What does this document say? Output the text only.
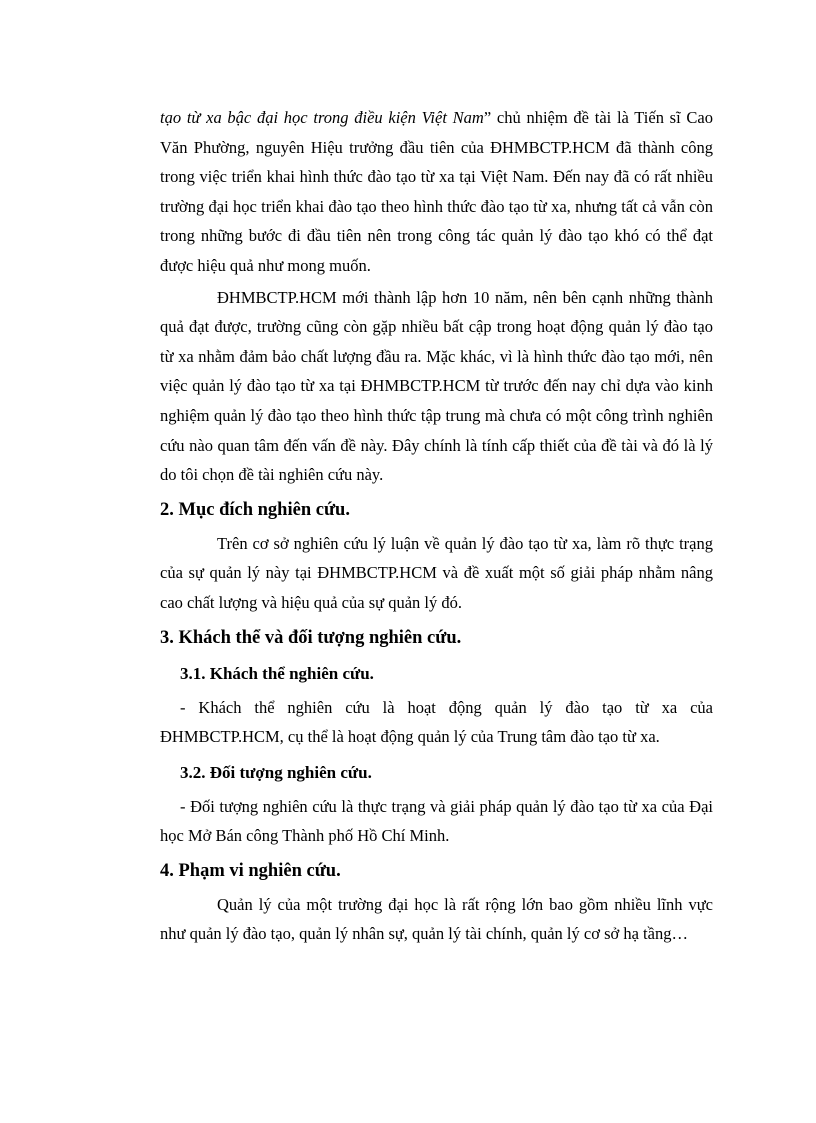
tạo từ xa bậc đại học trong điều kiện Việt Nam” chủ nhiệm đề tài là Tiến sĩ Cao Văn Phường, nguyên Hiệu trưởng đầu tiên của ĐHMBCTP.HCM đã thành công trong việc triển khai hình thức đào tạo từ xa tại Việt Nam. Đến nay đã có rất nhiều trường đại học triển khai đào tạo theo hình thức đào tạo từ xa, nhưng tất cả vẫn còn trong những bước đi đầu tiên nên trong công tác quản lý đào tạo khó có thể đạt được hiệu quả như mong muốn.

ĐHMBCTP.HCM mới thành lập hơn 10 năm, nên bên cạnh những thành quả đạt được, trường cũng còn gặp nhiều bất cập trong hoạt động quản lý đào tạo từ xa nhằm đảm bảo chất lượng đầu ra. Mặc khác, vì là hình thức đào tạo mới, nên việc quản lý đào tạo từ xa tại ĐHMBCTP.HCM từ trước đến nay chỉ dựa vào kinh nghiệm quản lý đào tạo theo hình thức tập trung mà chưa có một công trình nghiên cứu nào quan tâm đến vấn đề này. Đây chính là tính cấp thiết của đề tài và đó là lý do tôi chọn đề tài nghiên cứu này.

2. Mục đích nghiên cứu.

Trên cơ sở nghiên cứu lý luận về quản lý đào tạo từ xa, làm rõ thực trạng của sự quản lý này tại ĐHMBCTP.HCM và đề xuất một số giải pháp nhằm nâng cao chất lượng và hiệu quả của sự quản lý đó.

3. Khách thể và đối tượng nghiên cứu.
3.1. Khách thể nghiên cứu.

- Khách thể nghiên cứu là hoạt động quản lý đào tạo từ xa của ĐHMBCTP.HCM, cụ thể là hoạt động quản lý của Trung tâm đào tạo từ xa.

3.2. Đối tượng nghiên cứu.

- Đối tượng nghiên cứu là thực trạng và giải pháp quản lý đào tạo từ xa của Đại học Mở Bán công Thành phố Hồ Chí Minh.

4. Phạm vi nghiên cứu.

Quản lý của một trường đại học là rất rộng lớn bao gồm nhiều lĩnh vực như quản lý đào tạo, quản lý nhân sự, quản lý tài chính, quản lý cơ sở hạ tầng…
